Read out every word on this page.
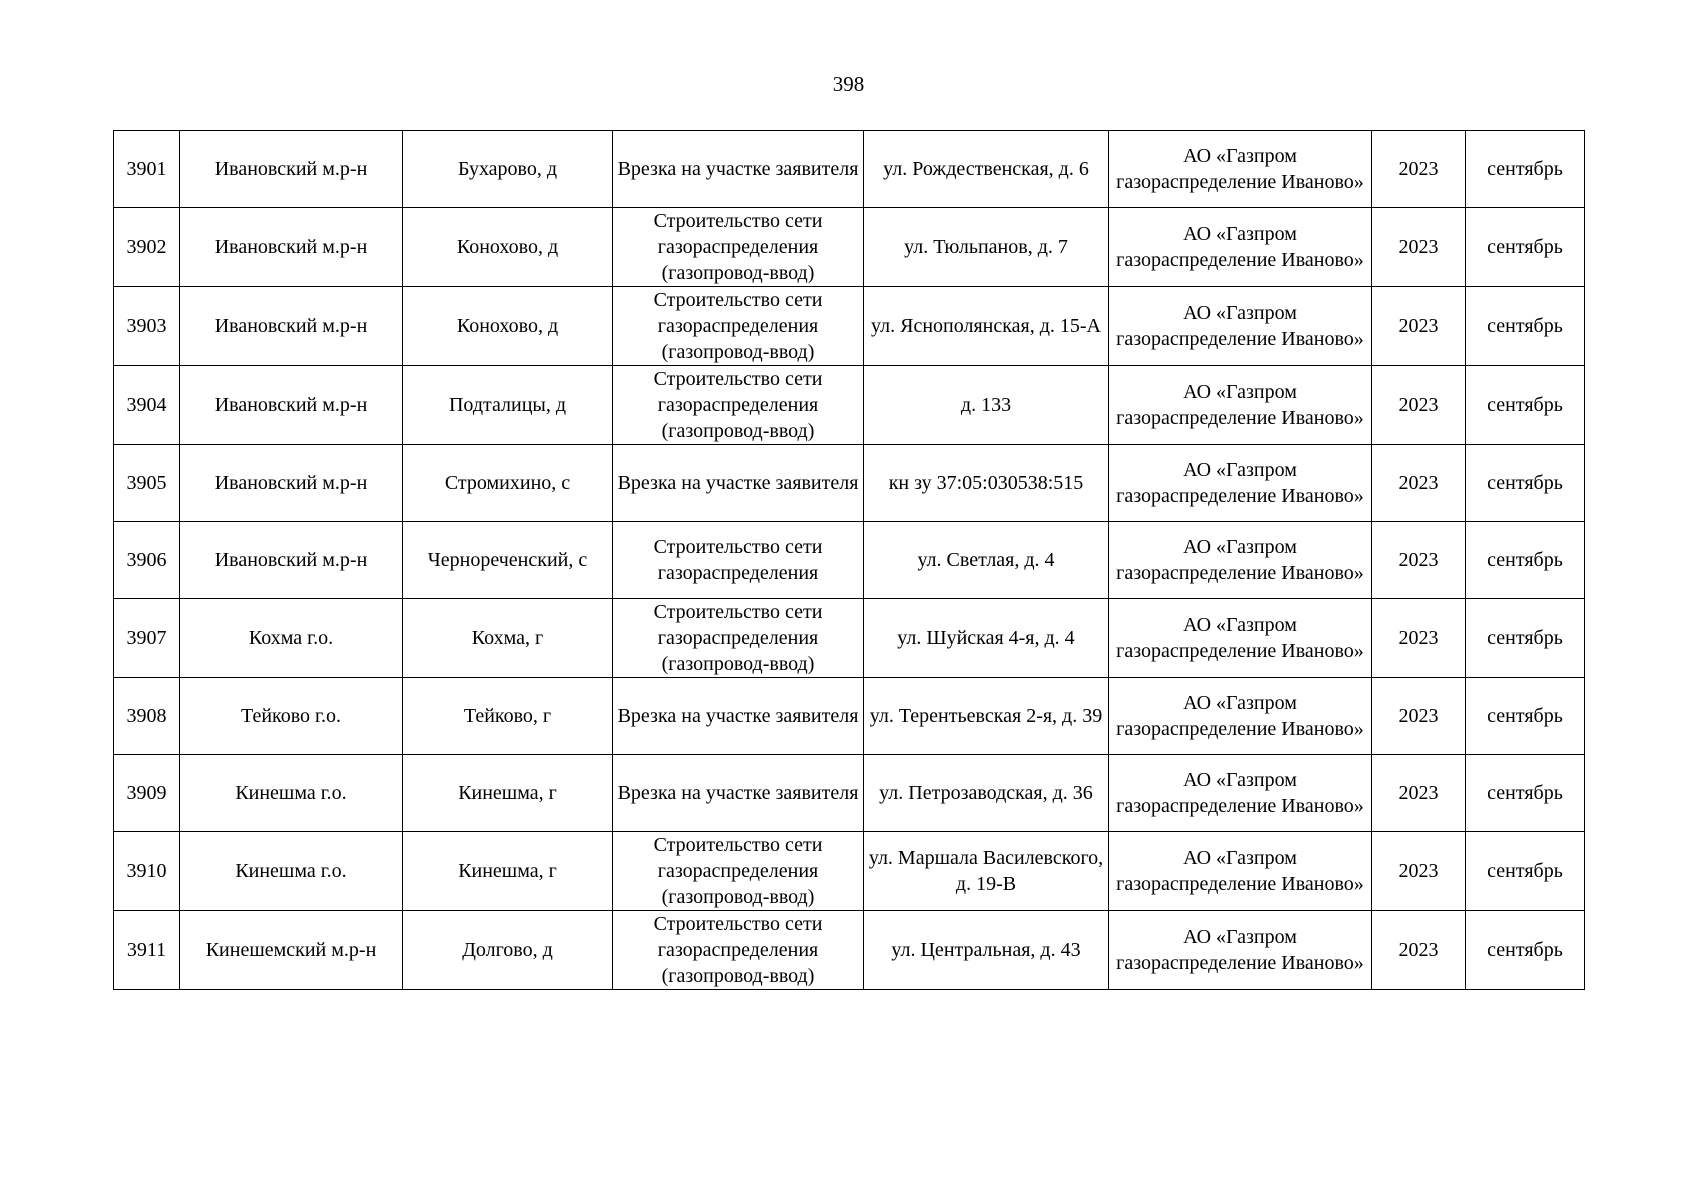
398
3901	Ивановский м.р-н	Бухарово, д	Врезка на участке заявителя	ул. Рождественская, д. 6	АО «Газпром газораспределение Иваново»	2023	сентябрь
3902	Ивановский м.р-н	Конохово, д	Строительство сети газораспределения (газопровод-ввод)	ул. Тюльпанов, д. 7	АО «Газпром газораспределение Иваново»	2023	сентябрь
3903	Ивановский м.р-н	Конохово, д	Строительство сети газораспределения (газопровод-ввод)	ул. Яснополянская, д. 15-А	АО «Газпром газораспределение Иваново»	2023	сентябрь
3904	Ивановский м.р-н	Подталицы, д	Строительство сети газораспределения (газопровод-ввод)	д. 133	АО «Газпром газораспределение Иваново»	2023	сентябрь
3905	Ивановский м.р-н	Стромихино, с	Врезка на участке заявителя	кн зу 37:05:030538:515	АО «Газпром газораспределение Иваново»	2023	сентябрь
3906	Ивановский м.р-н	Чернореченский, с	Строительство сети газораспределения	ул. Светлая, д. 4	АО «Газпром газораспределение Иваново»	2023	сентябрь
3907	Кохма г.о.	Кохма, г	Строительство сети газораспределения (газопровод-ввод)	ул. Шуйская 4-я, д. 4	АО «Газпром газораспределение Иваново»	2023	сентябрь
3908	Тейково г.о.	Тейково, г	Врезка на участке заявителя	ул. Терентьевская 2-я, д. 39	АО «Газпром газораспределение Иваново»	2023	сентябрь
3909	Кинешма г.о.	Кинешма, г	Врезка на участке заявителя	ул. Петрозаводская, д. 36	АО «Газпром газораспределение Иваново»	2023	сентябрь
3910	Кинешма г.о.	Кинешма, г	Строительство сети газораспределения (газопровод-ввод)	ул. Маршала Василевского, д. 19-В	АО «Газпром газораспределение Иваново»	2023	сентябрь
3911	Кинешемский м.р-н	Долгово, д	Строительство сети газораспределения (газопровод-ввод)	ул. Центральная, д. 43	АО «Газпром газораспределение Иваново»	2023	сентябрь
